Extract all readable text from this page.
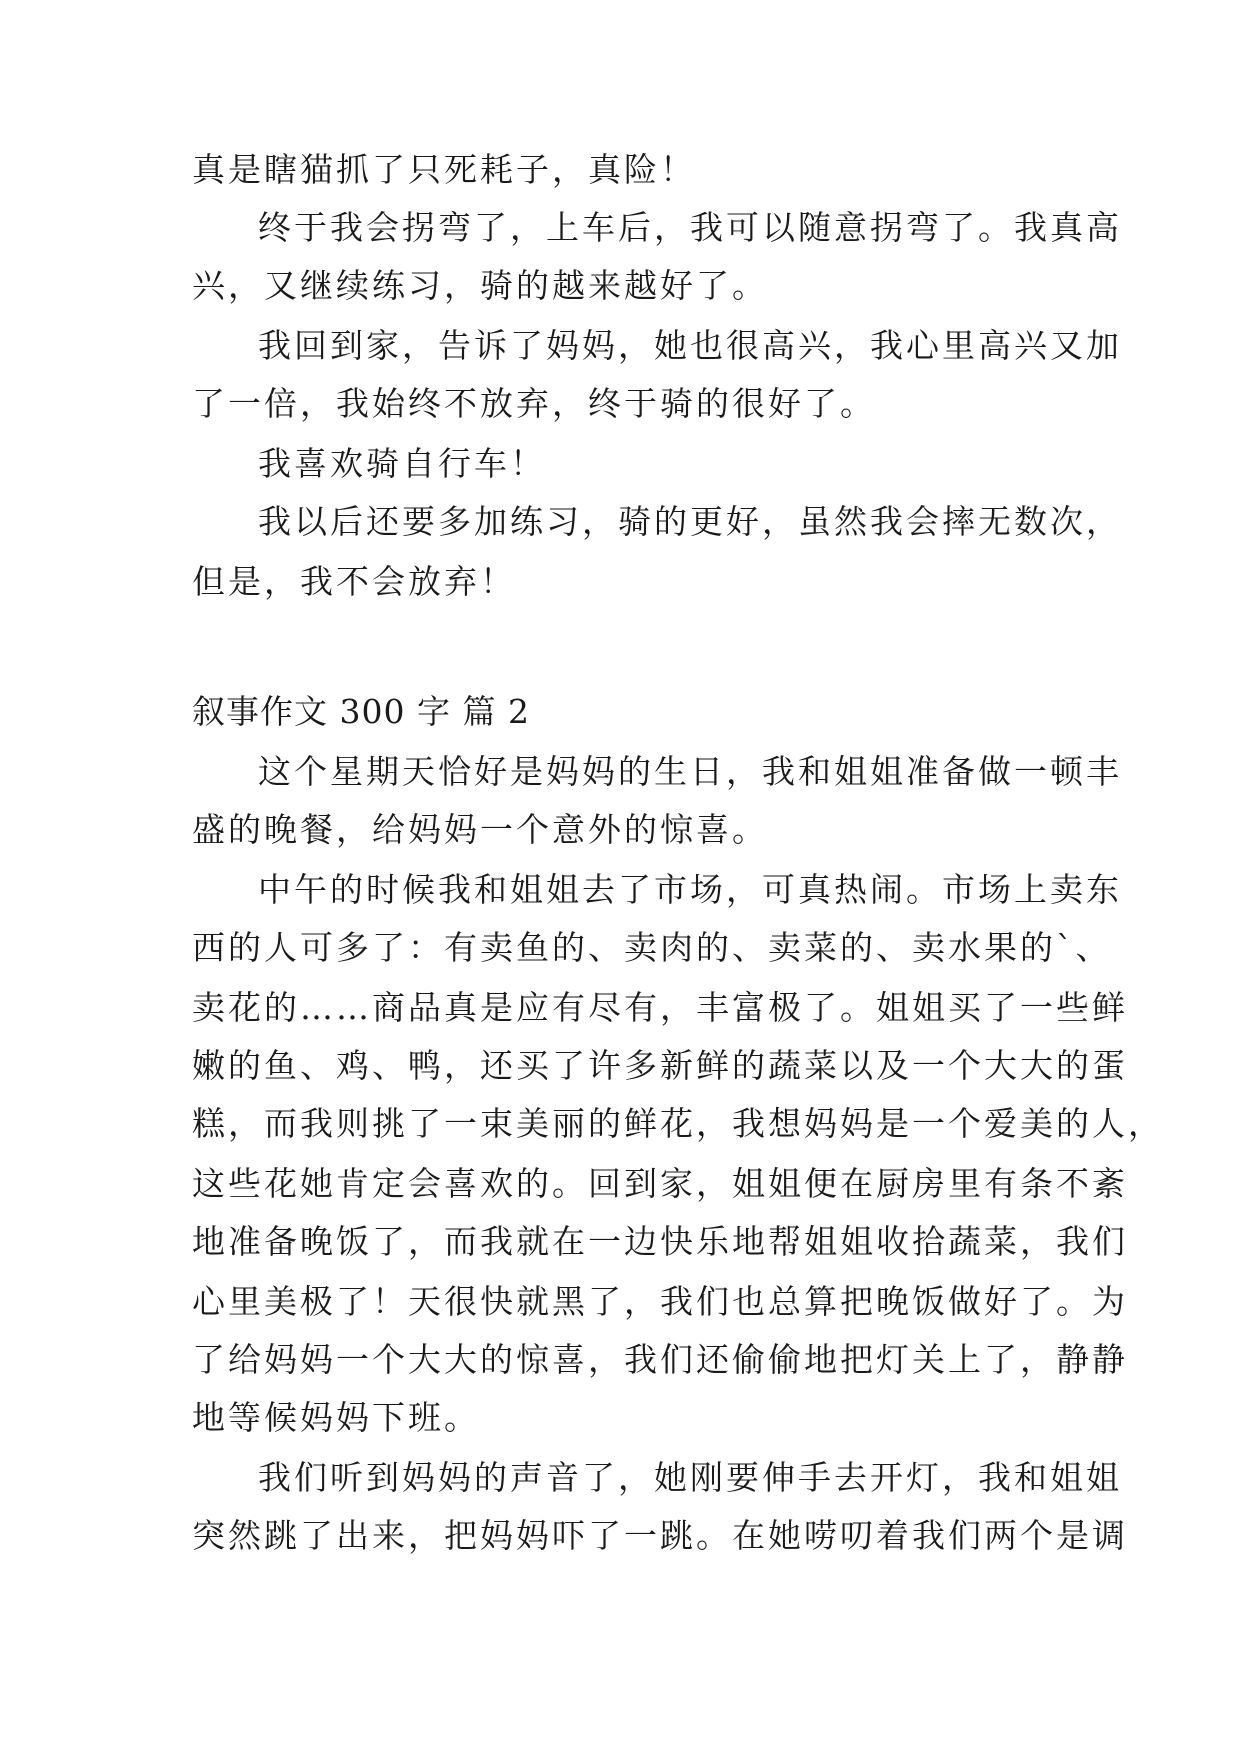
真是瞎猫抓了只死耗子，真险！
终于我会拐弯了，上车后，我可以随意拐弯了。我真高
兴，又继续练习，骑的越来越好了。
我回到家，告诉了妈妈，她也很高兴，我心里高兴又加
了一倍，我始终不放弃，终于骑的很好了。
我喜欢骑自行车！
我以后还要多加练习，骑的更好，虽然我会摔无数次，
但是，我不会放弃！
叙事作文 300 字 篇 2
这个星期天恰好是妈妈的生日，我和姐姐准备做一顿丰
盛的晚餐，给妈妈一个意外的惊喜。
中午的时候我和姐姐去了市场，可真热闹。市场上卖东
西的人可多了：有卖鱼的、卖肉的、卖菜的、卖水果的`、
卖花的……商品真是应有尽有，丰富极了。姐姐买了一些鲜
嫩的鱼、鸡、鸭，还买了许多新鲜的蔬菜以及一个大大的蛋
糕，而我则挑了一束美丽的鲜花，我想妈妈是一个爱美的人，
这些花她肯定会喜欢的。回到家，姐姐便在厨房里有条不紊
地准备晚饭了，而我就在一边快乐地帮姐姐收拾蔬菜，我们
心里美极了！天很快就黑了，我们也总算把晚饭做好了。为
了给妈妈一个大大的惊喜，我们还偷偷地把灯关上了，静静
地等候妈妈下班。
我们听到妈妈的声音了，她刚要伸手去开灯，我和姐姐
突然跳了出来，把妈妈吓了一跳。在她唠叨着我们两个是调
